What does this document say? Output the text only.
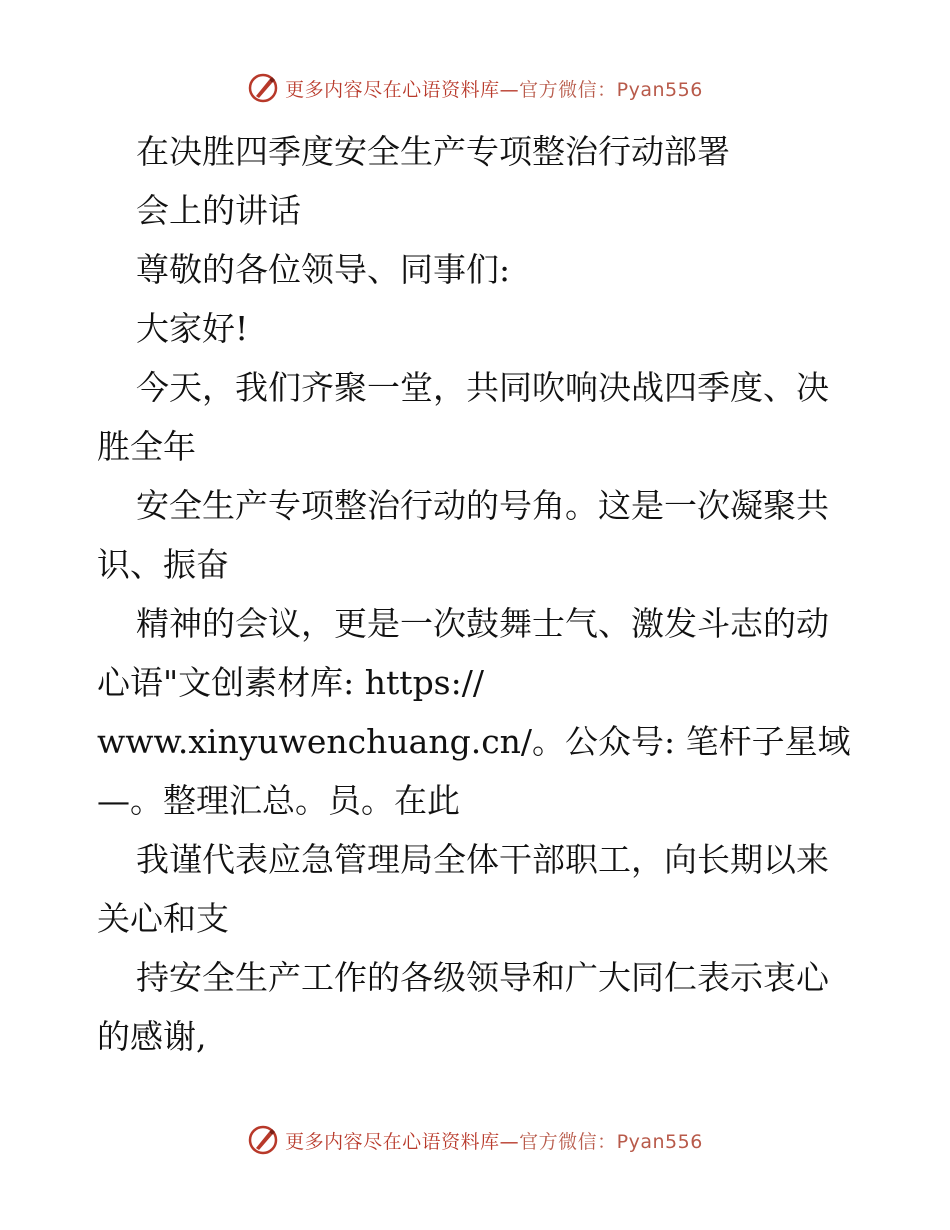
更多内容尽在心语资料库—官方微信：Pyan556
在决胜四季度安全生产专项整治行动部署
会上的讲话
尊敬的各位领导、同事们:
大家好!
今天，我们齐聚一堂，共同吹响决战四季度、决
胜全年
安全生产专项整治行动的号角。这是一次凝聚共
识、振奋
精神的会议，更是一次鼓舞士气、激发斗志的动
心语"文创素材库: https://
www.xinyuwenchuang.cn/。公众号: 笔杆子星域
—。整理汇总。员。在此
我谨代表应急管理局全体干部职工，向长期以来
关心和支
持安全生产工作的各级领导和广大同仁表示衷心
的感谢,
更多内容尽在心语资料库—官方微信：Pyan556
